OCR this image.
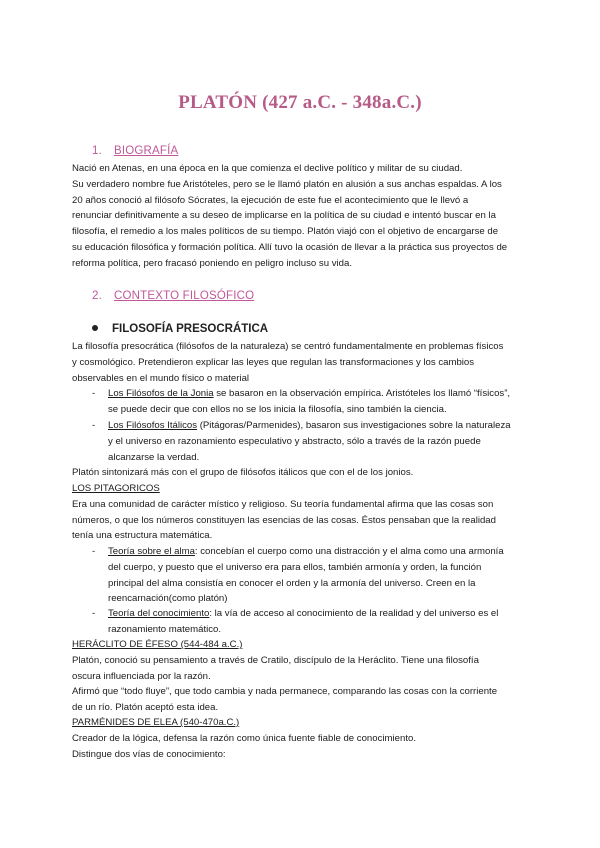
PLATÓN (427 a.C. - 348a.C.)
1. BIOGRAFÍA
Nació en Atenas, en una época en la que comienza el declive político y militar de su ciudad.
Su verdadero nombre fue Aristóteles, pero se le llamó platón en alusión a sus anchas espaldas. A los
20 años conoció al filósofo Sócrates, la ejecución de este fue el acontecimiento que le llevó a
renunciar definitivamente a su deseo de implicarse en la política de su ciudad e intentó buscar en la
filosofía, el remedio a los males políticos de su tiempo. Platón viajó con el objetivo de encargarse de
su educación filosófica y formación política. Allí tuvo la ocasión de llevar a la práctica sus proyectos de
reforma política, pero fracasó poniendo en peligro incluso su vida.
2. CONTEXTO FILOSÓFICO
FILOSOFÍA PRESOCRÁTICA
La filosofía presocrática (filósofos de la naturaleza) se centró fundamentalmente en problemas físicos
y cosmológico. Pretendieron explicar las leyes que regulan las transformaciones y los cambios
observables en el mundo físico o material
- Los Filósofos de la Jonia se basaron en la observación empírica. Aristóteles los llamó “físicos”,
se puede decir que con ellos no se los inicia la filosofía, sino también la ciencia.
- Los Filósofos Itálicos (Pitágoras/Parmenides), basaron sus investigaciones sobre la naturaleza
y el universo en razonamiento especulativo y abstracto, sólo a través de la razón puede
alcanzarse la verdad.
Platón sintonizará más con el grupo de filósofos itálicos que con el de los jonios.
LOS PITAGORICOS
Era una comunidad de carácter místico y religioso. Su teoría fundamental afirma que las cosas son
números, o que los números constituyen las esencias de las cosas. Éstos pensaban que la realidad
tenía una estructura matemática.
- Teoría sobre el alma: concebían el cuerpo como una distracción y el alma como una armonía
del cuerpo, y puesto que el universo era para ellos, también armonía y orden, la función
principal del alma consistía en conocer el orden y la armonía del universo. Creen en la
reencarnación(como platón)
- Teoría del conocimiento: la vía de acceso al conocimiento de la realidad y del universo es el
razonamiento matemático.
HERÁCLITO DE ÉFESO (544-484 a.C.)
Platón, conoció su pensamiento a través de Cratilo, discípulo de la Heráclito. Tiene una filosofía
oscura influenciada por la razón.
Afirmó que “todo fluye”, que todo cambia y nada permanece, comparando las cosas con la corriente
de un río. Platón aceptó esta idea.
PARMÉNIDES DE ELEA (540-470a.C.)
Creador de la lógica, defensa la razón como única fuente fiable de conocimiento.
Distingue dos vías de conocimiento:
